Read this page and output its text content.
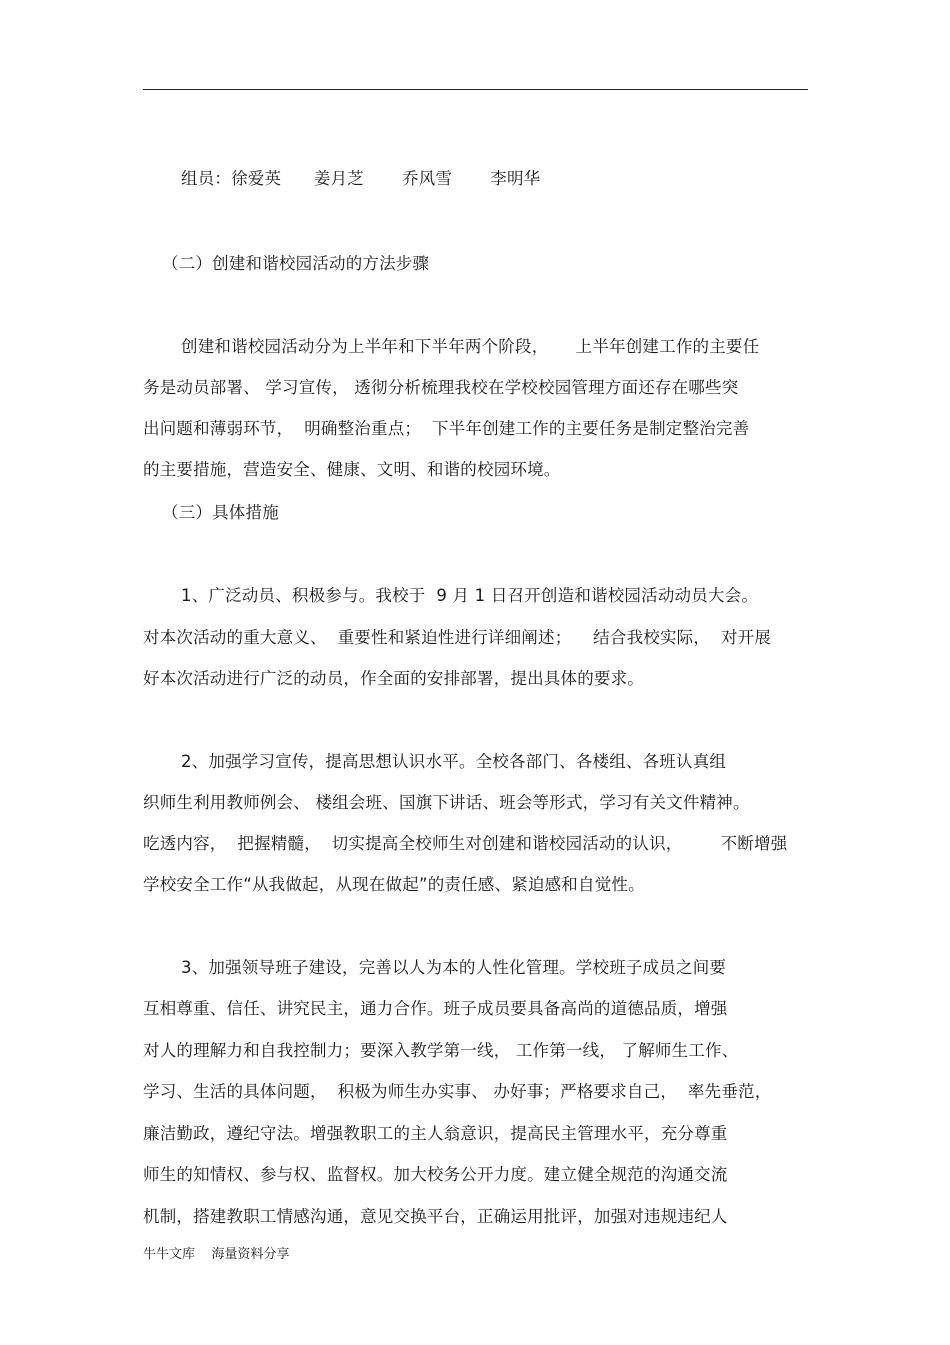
组员：徐爱英      姜月芝       乔风雪       李明华
（二）创建和谐校园活动的方法步骤
创建和谐校园活动分为上半年和下半年两个阶段，     上半年创建工作的主要任
务是动员部署、 学习宣传， 透彻分析梳理我校在学校校园管理方面还存在哪些突
出问题和薄弱环节，  明确整治重点；  下半年创建工作的主要任务是制定整治完善
的主要措施，营造安全、健康、文明、和谐的校园环境。
（三）具体措施
1、广泛动员、积极参与。我校于  9 月 1 日召开创造和谐校园活动动员大会。
对本次活动的重大意义、  重要性和紧迫性进行详细阐述；    结合我校实际，  对开展
好本次活动进行广泛的动员，作全面的安排部署，提出具体的要求。
2、加强学习宣传，提高思想认识水平。全校各部门、各楼组、各班认真组
织师生利用教师例会、 楼组会班、国旗下讲话、班会等形式，学习有关文件精神。
吃透内容，  把握精髓，  切实提高全校师生对创建和谐校园活动的认识，       不断增强
学校安全工作“从我做起，从现在做起”的责任感、紧迫感和自觉性。
3、加强领导班子建设，完善以人为本的人性化管理。学校班子成员之间要
互相尊重、信任、讲究民主，通力合作。班子成员要具备高尚的道德品质，增强
对人的理解力和自我控制力；要深入教学第一线， 工作第一线， 了解师生工作、
学习、生活的具体问题，  积极为师生办实事、 办好事；严格要求自己，  率先垂范，
廉洁勤政，遵纪守法。增强教职工的主人翁意识，提高民主管理水平，充分尊重
师生的知情权、参与权、监督权。加大校务公开力度。建立健全规范的沟通交流
机制，搭建教职工情感沟通，意见交换平台，正确运用批评，加强对违规违纪人
牛牛文库    海量资料分享
